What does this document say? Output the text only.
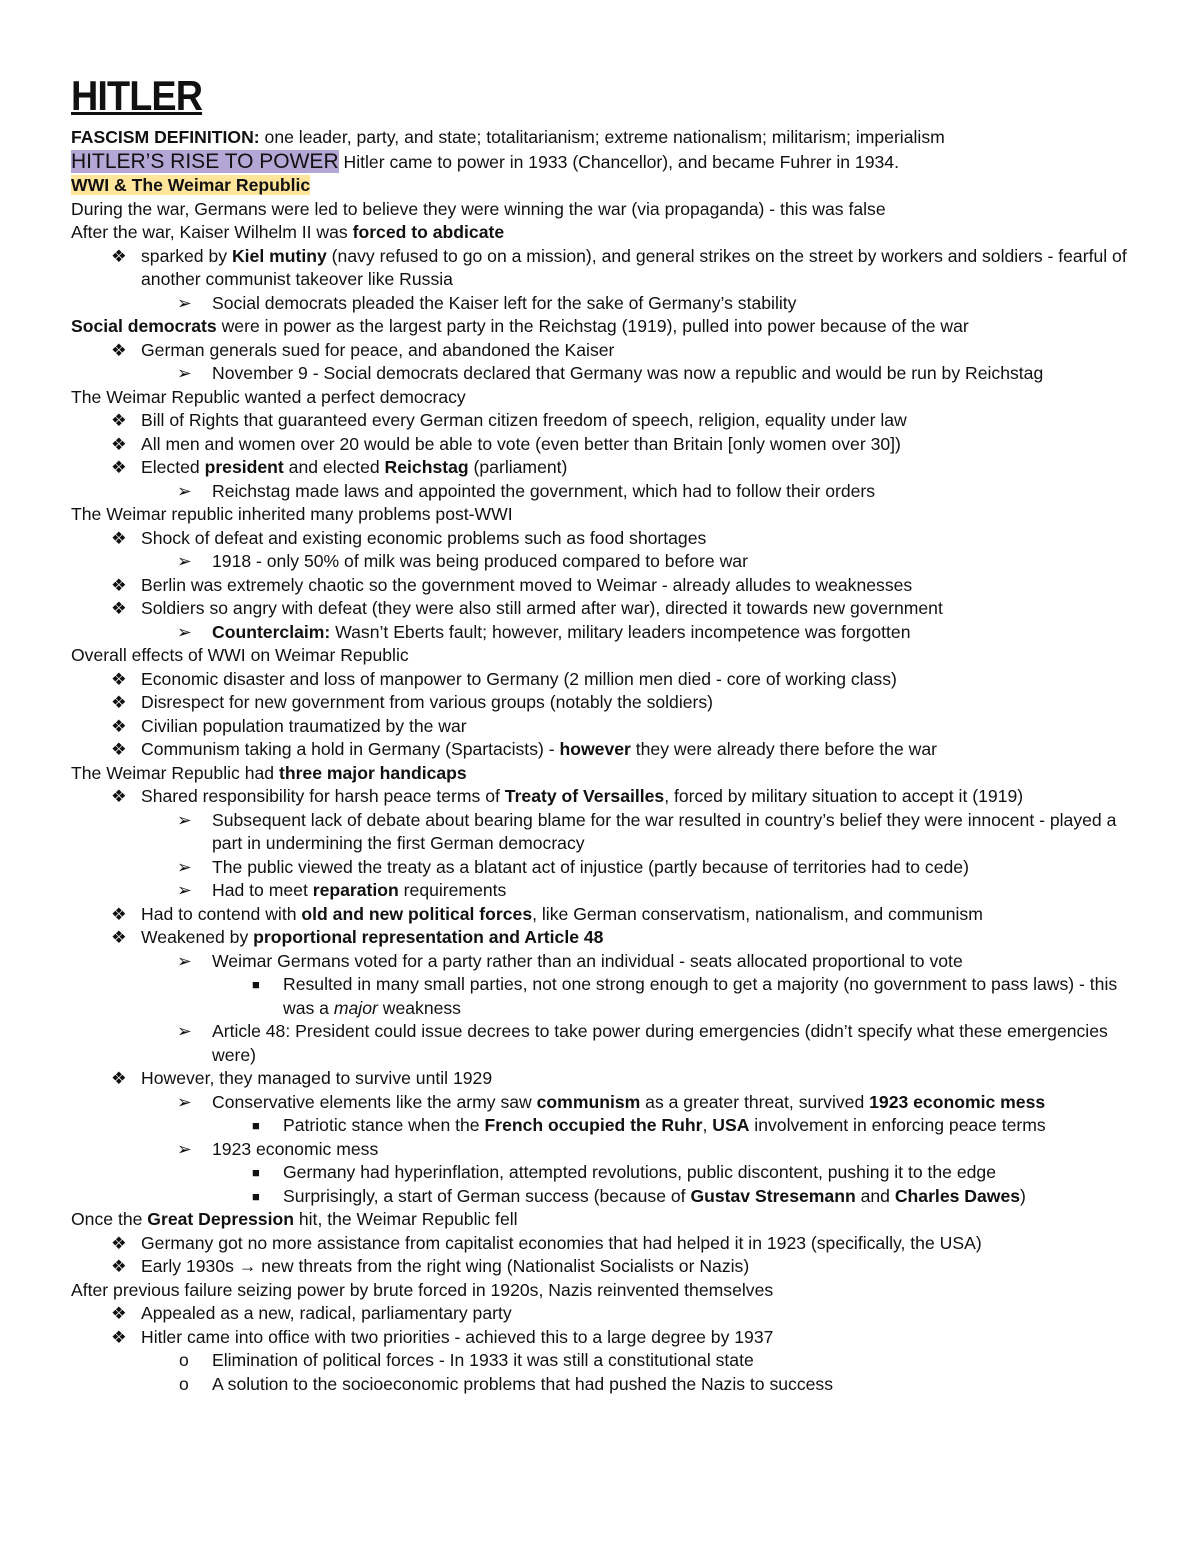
HITLER
FASCISM DEFINITION: one leader, party, and state; totalitarianism; extreme nationalism; militarism; imperialism
HITLER’S RISE TO POWER Hitler came to power in 1933 (Chancellor), and became Fuhrer in 1934.
WWI & The Weimar Republic
During the war, Germans were led to believe they were winning the war (via propaganda) - this was false
After the war, Kaiser Wilhelm II was forced to abdicate
❖ sparked by Kiel mutiny (navy refused to go on a mission), and general strikes on the street by workers and soldiers - fearful of another communist takeover like Russia
➢ Social democrats pleaded the Kaiser left for the sake of Germany’s stability
Social democrats were in power as the largest party in the Reichstag (1919), pulled into power because of the war
❖ German generals sued for peace, and abandoned the Kaiser
➢ November 9 - Social democrats declared that Germany was now a republic and would be run by Reichstag
The Weimar Republic wanted a perfect democracy
❖ Bill of Rights that guaranteed every German citizen freedom of speech, religion, equality under law
❖ All men and women over 20 would be able to vote (even better than Britain [only women over 30])
❖ Elected president and elected Reichstag (parliament)
➢ Reichstag made laws and appointed the government, which had to follow their orders
The Weimar republic inherited many problems post-WWI
❖ Shock of defeat and existing economic problems such as food shortages
➢ 1918 - only 50% of milk was being produced compared to before war
❖ Berlin was extremely chaotic so the government moved to Weimar - already alludes to weaknesses
❖ Soldiers so angry with defeat (they were also still armed after war), directed it towards new government
➢ Counterclaim: Wasn’t Eberts fault; however, military leaders incompetence was forgotten
Overall effects of WWI on Weimar Republic
❖ Economic disaster and loss of manpower to Germany (2 million men died - core of working class)
❖ Disrespect for new government from various groups (notably the soldiers)
❖ Civilian population traumatized by the war
❖ Communism taking a hold in Germany (Spartacists) - however they were already there before the war
The Weimar Republic had three major handicaps
❖ Shared responsibility for harsh peace terms of Treaty of Versailles, forced by military situation to accept it (1919)
➢ Subsequent lack of debate about bearing blame for the war resulted in country’s belief they were innocent - played a part in undermining the first German democracy
➢ The public viewed the treaty as a blatant act of injustice (partly because of territories had to cede)
➢ Had to meet reparation requirements
❖ Had to contend with old and new political forces, like German conservatism, nationalism, and communism
❖ Weakened by proportional representation and Article 48
➢ Weimar Germans voted for a party rather than an individual - seats allocated proportional to vote
■ Resulted in many small parties, not one strong enough to get a majority (no government to pass laws) - this was a major weakness
➢ Article 48: President could issue decrees to take power during emergencies (didn’t specify what these emergencies were)
❖ However, they managed to survive until 1929
➢ Conservative elements like the army saw communism as a greater threat, survived 1923 economic mess
■ Patriotic stance when the French occupied the Ruhr, USA involvement in enforcing peace terms
➢ 1923 economic mess
■ Germany had hyperinflation, attempted revolutions, public discontent, pushing it to the edge
■ Surprisingly, a start of German success (because of Gustav Stresemann and Charles Dawes)
Once the Great Depression hit, the Weimar Republic fell
❖ Germany got no more assistance from capitalist economies that had helped it in 1923 (specifically, the USA)
❖ Early 1930s → new threats from the right wing (Nationalist Socialists or Nazis)
After previous failure seizing power by brute forced in 1920s, Nazis reinvented themselves
❖ Appealed as a new, radical, parliamentary party
❖ Hitler came into office with two priorities - achieved this to a large degree by 1937
o Elimination of political forces - In 1933 it was still a constitutional state
o A solution to the socioeconomic problems that had pushed the Nazis to success
